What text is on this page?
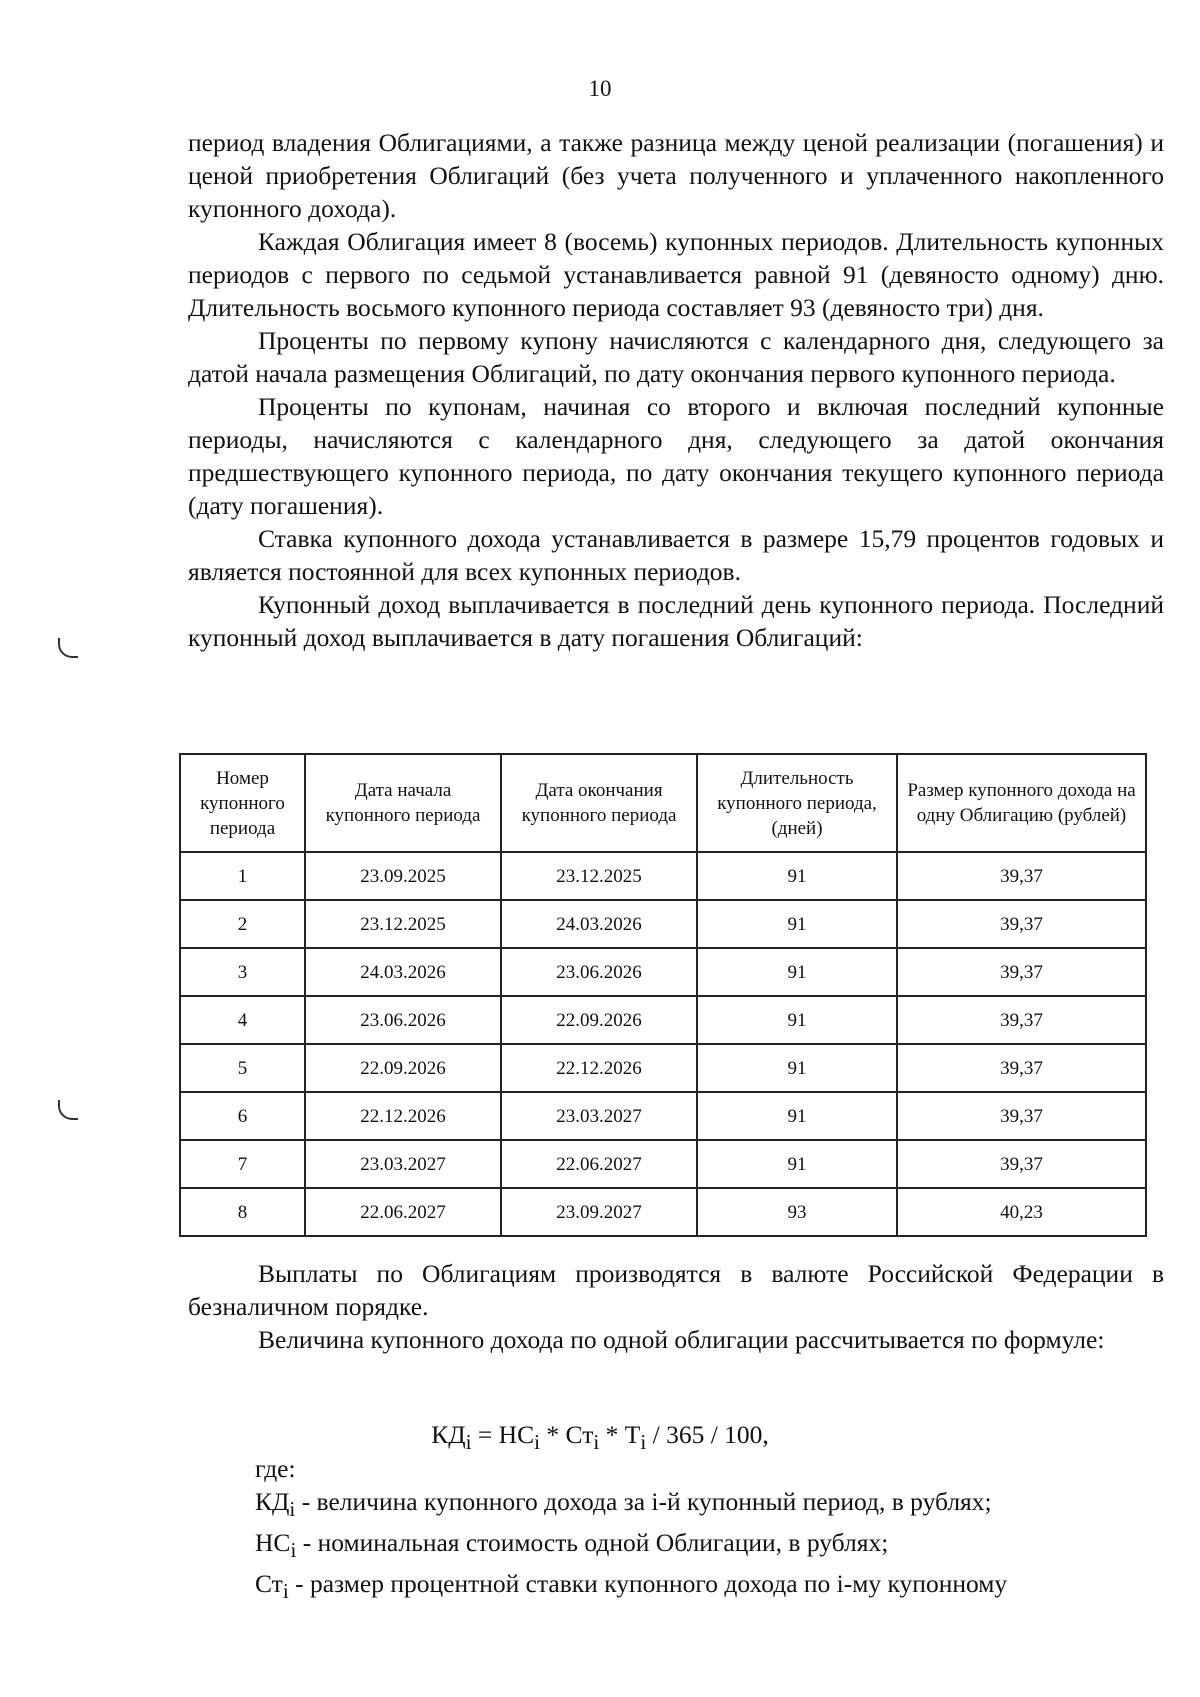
10

период владения Облигациями, а также разница между ценой реализации (погашения) и ценой приобретения Облигаций (без учета полученного и уплаченного накопленного купонного дохода).

Каждая Облигация имеет 8 (восемь) купонных периодов. Длительность купонных периодов с первого по седьмой устанавливается равной 91 (девяносто одному) дню. Длительность восьмого купонного периода составляет 93 (девяносто три) дня.

Проценты по первому купону начисляются с календарного дня, следующего за датой начала размещения Облигаций, по дату окончания первого купонного периода.

Проценты по купонам, начиная со второго и включая последний купонные периоды, начисляются с календарного дня, следующего за датой окончания предшествующего купонного периода, по дату окончания текущего купонного периода (дату погашения).

Ставка купонного дохода устанавливается в размере 15,79 процентов годовых и является постоянной для всех купонных периодов.

Купонный доход выплачивается в последний день купонного периода. Последний купонный доход выплачивается в дату погашения Облигаций:

Номер купонного периода	Дата начала купонного периода	Дата окончания купонного периода	Длительность купонного периода, (дней)	Размер купонного дохода на одну Облигацию (рублей)
1	23.09.2025	23.12.2025	91	39,37
2	23.12.2025	24.03.2026	91	39,37
3	24.03.2026	23.06.2026	91	39,37
4	23.06.2026	22.09.2026	91	39,37
5	22.09.2026	22.12.2026	91	39,37
6	22.12.2026	23.03.2027	91	39,37
7	23.03.2027	22.06.2027	91	39,37
8	22.06.2027	23.09.2027	93	40,23

Выплаты по Облигациям производятся в валюте Российской Федерации в безналичном порядке.

Величина купонного дохода по одной облигации рассчитывается по формуле:

$КД_i = НС_i * Ст_i * Т_i / 365 / 100$,
где:
$КД_i$ - величина купонного дохода за i-й купонный период, в рублях;
$НС_i$ - номинальная стоимость одной Облигации, в рублях;
$Ст_i$ - размер процентной ставки купонного дохода по i-му купонному
